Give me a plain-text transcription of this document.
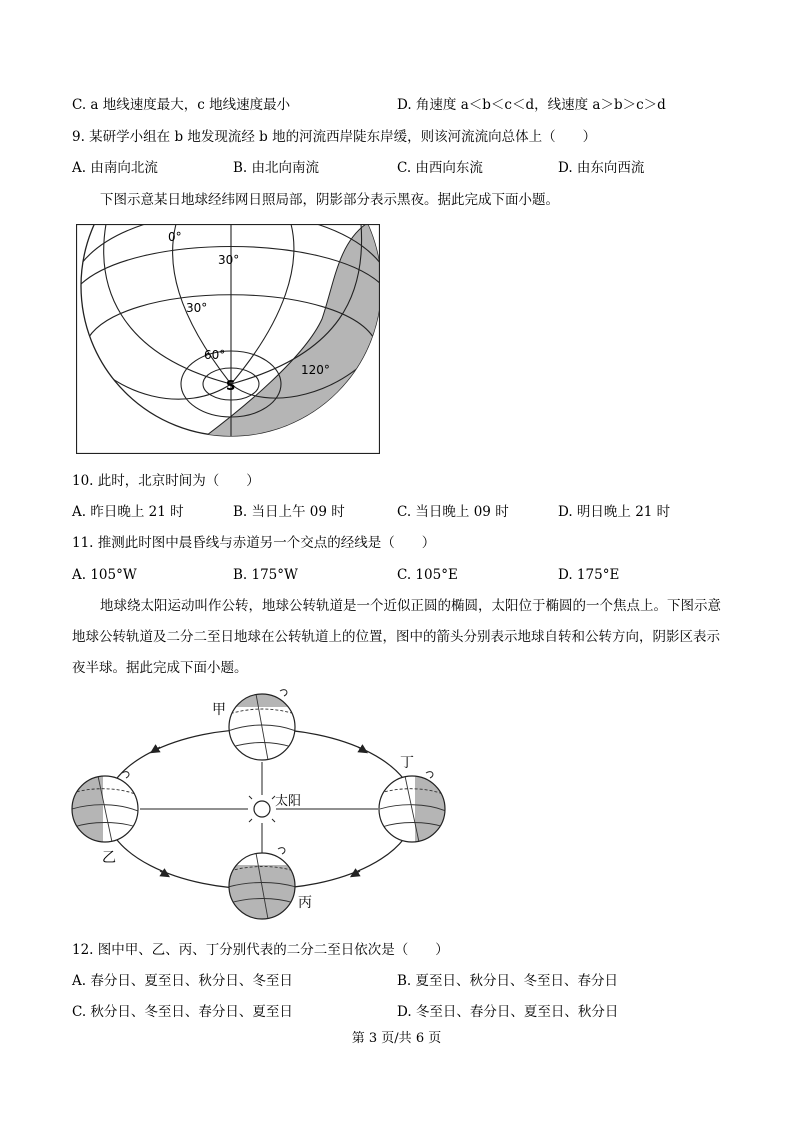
C. a 地线速度最大，c 地线速度最小	D. 角速度 a＜b＜c＜d，线速度 a＞b＞c＞d
9. 某研学小组在 b 地发现流经 b 地的河流西岸陡东岸缓，则该河流流向总体上（　　）
A. 由南向北流	B. 由北向南流	C. 由西向东流	D. 由东向西流
下图示意某日地球经纬网日照局部，阴影部分表示黑夜。据此完成下面小题。
0°
30°
30°
60°
S
120°
10. 此时，北京时间为（　　）
A. 昨日晚上 21 时	B. 当日上午 09 时	C. 当日晚上 09 时	D. 明日晚上 21 时
11. 推测此时图中晨昏线与赤道另一个交点的经线是（　　）
A. 105°W	B. 175°W	C. 105°E	D. 175°E
地球绕太阳运动叫作公转，地球公转轨道是一个近似正圆的椭圆，太阳位于椭圆的一个焦点上。下图示意地球公转轨道及二分二至日地球在公转轨道上的位置，图中的箭头分别表示地球自转和公转方向，阴影区表示夜半球。据此完成下面小题。
甲
乙
丙
丁
太阳
12. 图中甲、乙、丙、丁分别代表的二分二至日依次是（　　）
A. 春分日、夏至日、秋分日、冬至日	B. 夏至日、秋分日、冬至日、春分日
C. 秋分日、冬至日、春分日、夏至日	D. 冬至日、春分日、夏至日、秋分日
第 3 页/共 6 页
